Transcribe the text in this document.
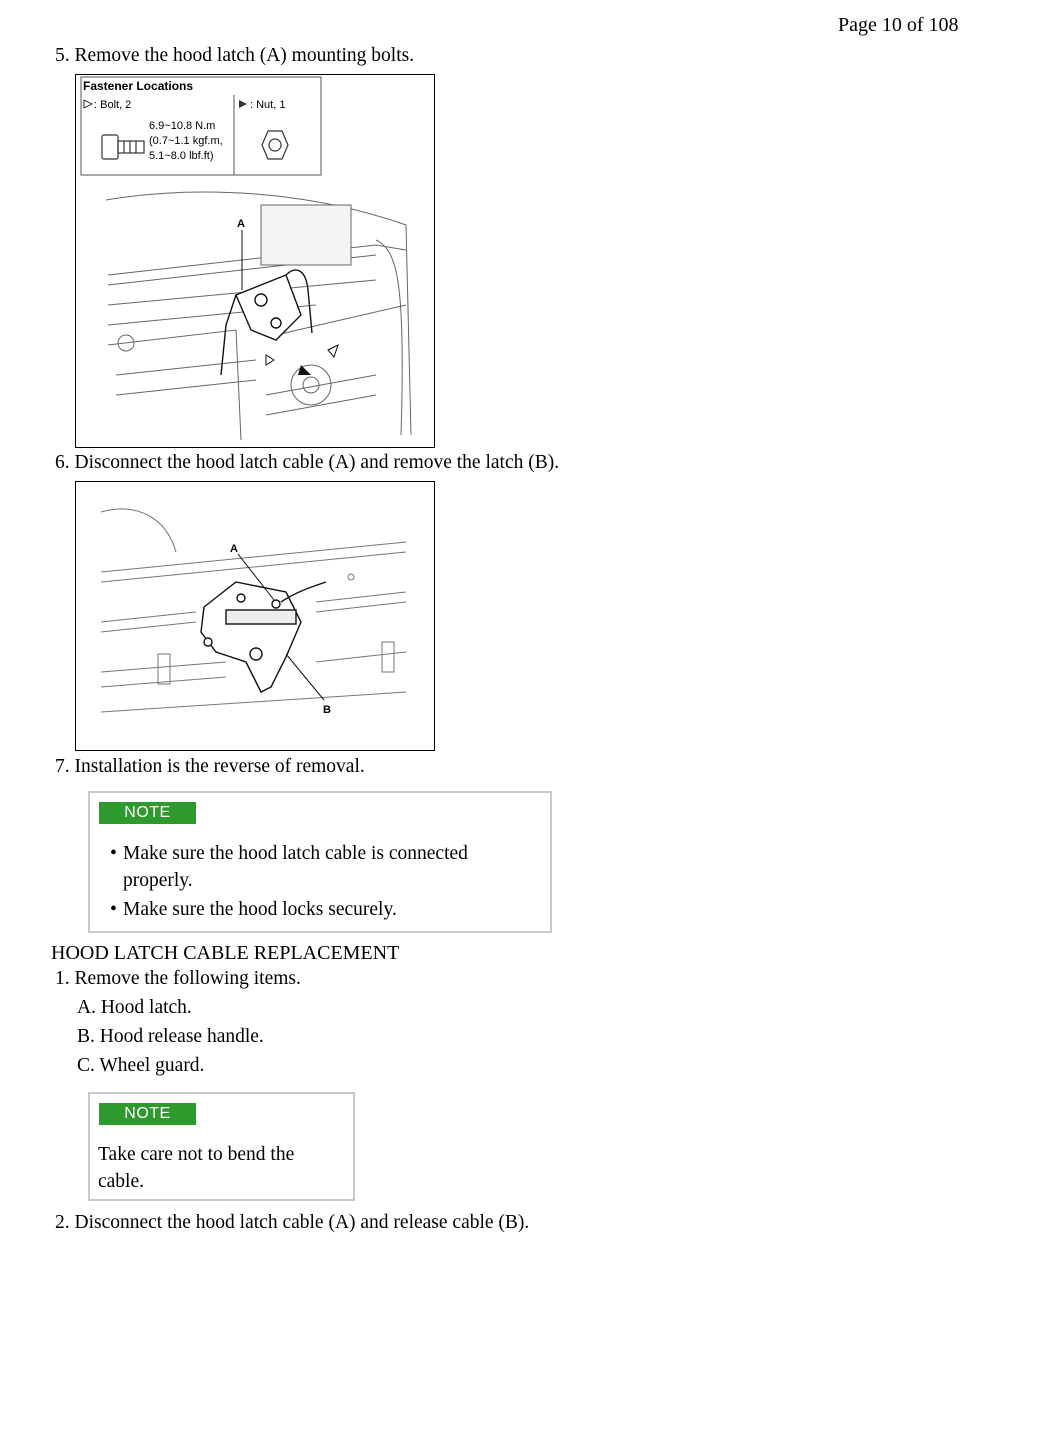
Page 10 of 108
5. Remove the hood latch (A) mounting bolts.
Fastener Locations
: Bolt, 2	: Nut, 1
6.9~10.8 N.m
(0.7~1.1 kgf.m,
5.1~8.0 lbf.ft)
A
6. Disconnect the hood latch cable (A) and remove the latch (B).
A
B
7. Installation is the reverse of removal.
NOTE
• Make sure the hood latch cable is connected
properly.
• Make sure the hood locks securely.
HOOD LATCH CABLE REPLACEMENT
1. Remove the following items.
A. Hood latch.
B. Hood release handle.
C. Wheel guard.
NOTE
Take care not to bend the
cable.
2. Disconnect the hood latch cable (A) and release cable (B).
